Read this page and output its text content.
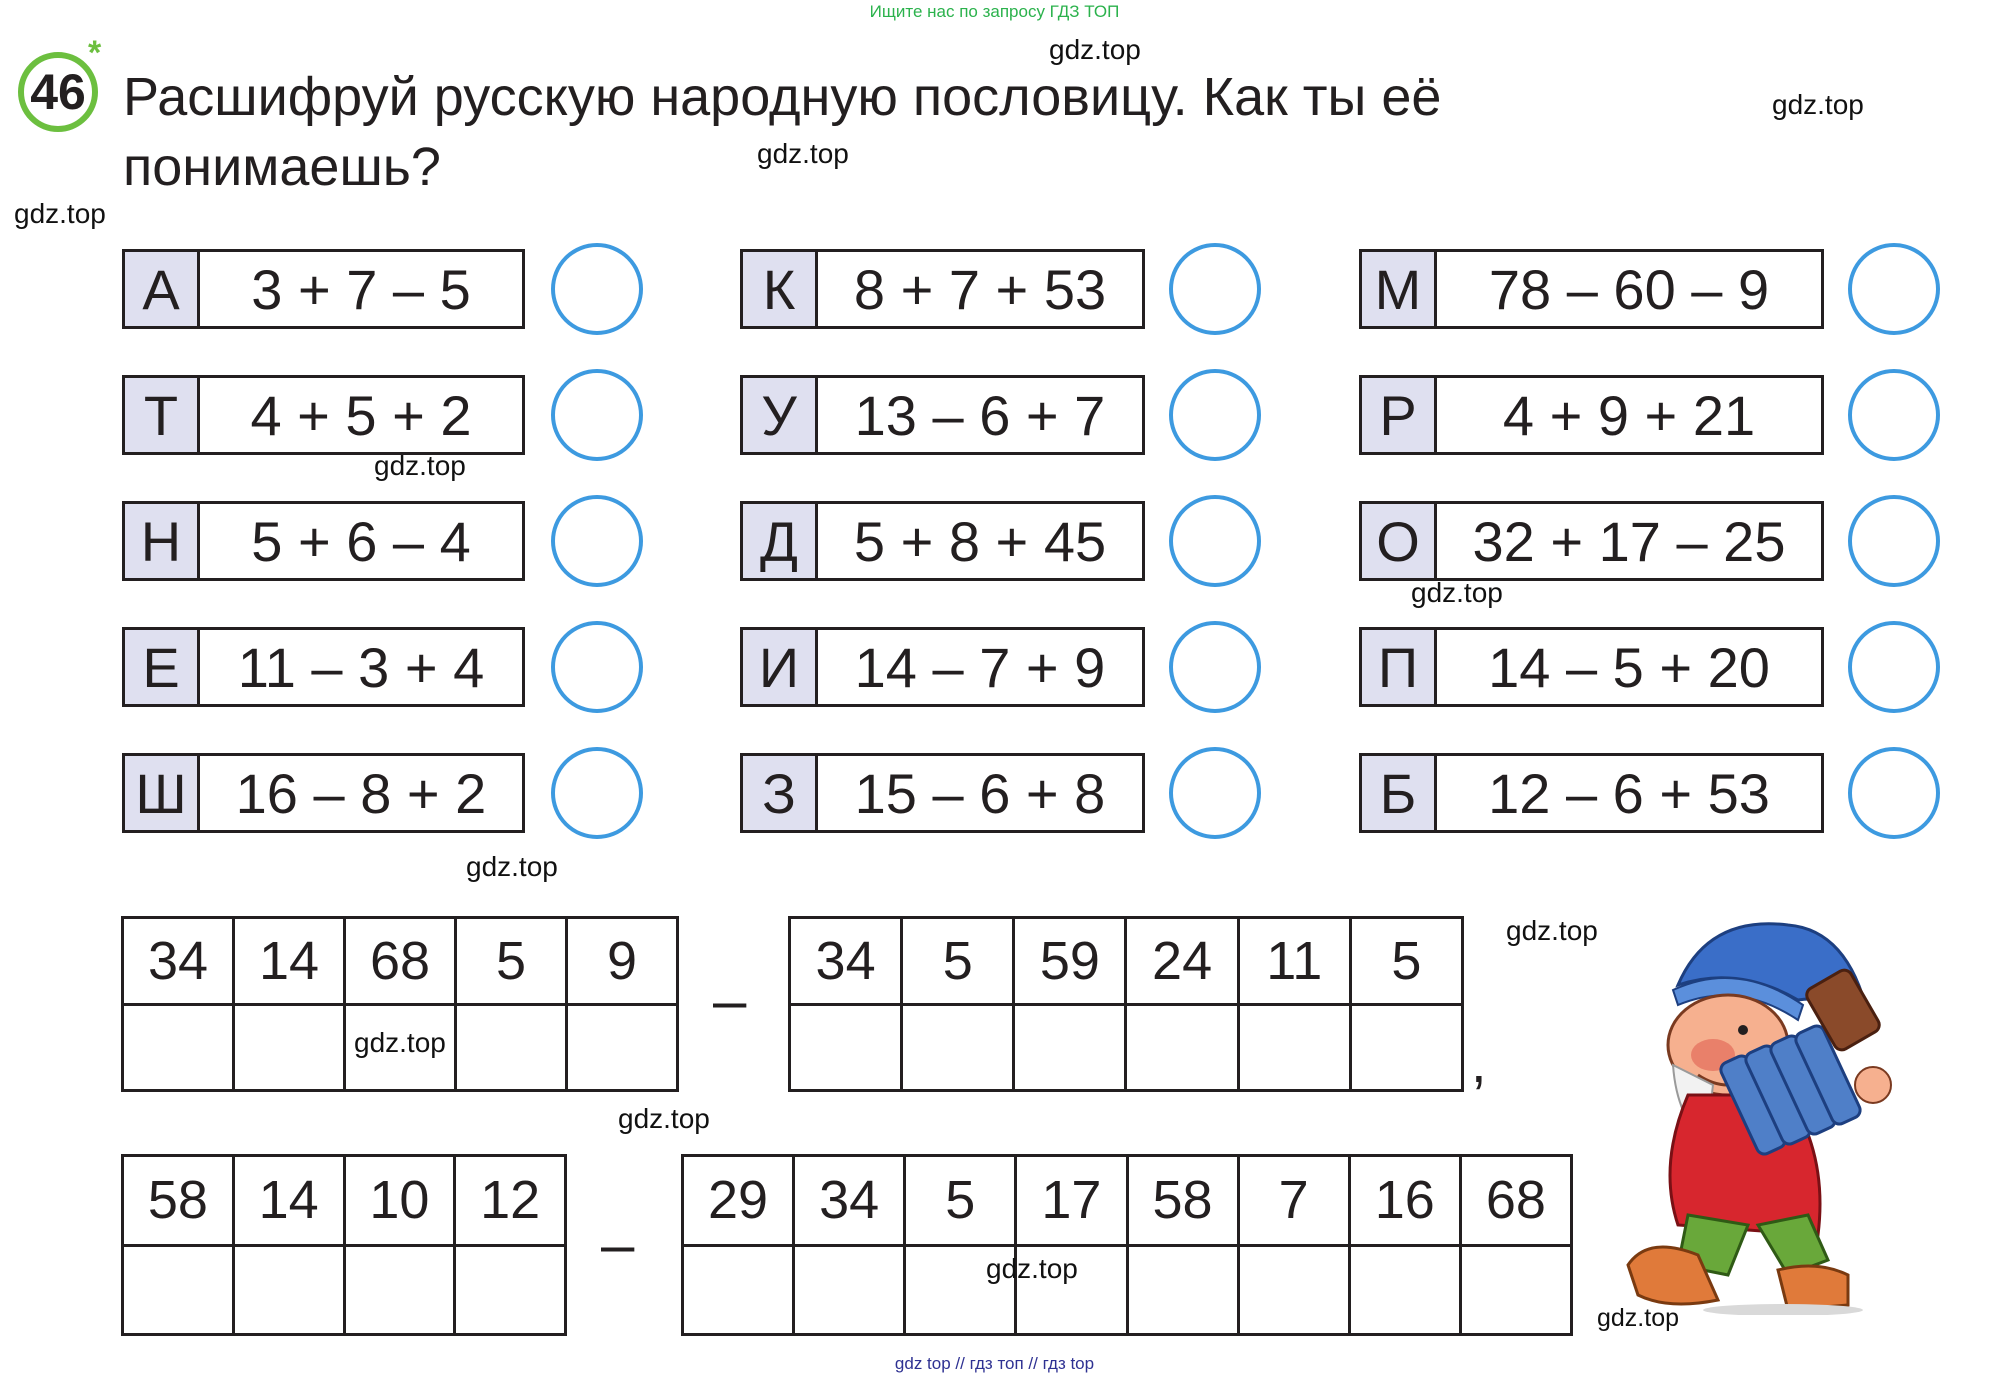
Ищите нас по запросу ГДЗ ТОП
46
*
Расшифруй русскую народную пословицу. Как ты её понимаешь?
А	3 + 7 – 5	К	8 + 7 + 53	М	78 – 60 – 9
Т	4 + 5 + 2	У	13 – 6 + 7	Р	4 + 9 + 21
Н	5 + 6 – 4	Д 5 + 8 + 45	О 32 + 17 – 25
Е	11 – 3 + 4	И 14 – 7 + 9	П	14 – 5 + 20
Ш 16 – 8 + 2	З	15 – 6 + 8	Б	12 – 6 + 53
34 14 68	5	9
–
34	5	59 24	11	5
,
58 14 10 12
–
29 34	5	17 58	7	16 68
gdz.top
gdz.top
gdz.top
gdz.top
gdz.top
gdz.top
gdz.top
gdz.top
gdz.top
gdz.top
gdz.top
gdz.top
gdz top // гдз топ // гдз top
